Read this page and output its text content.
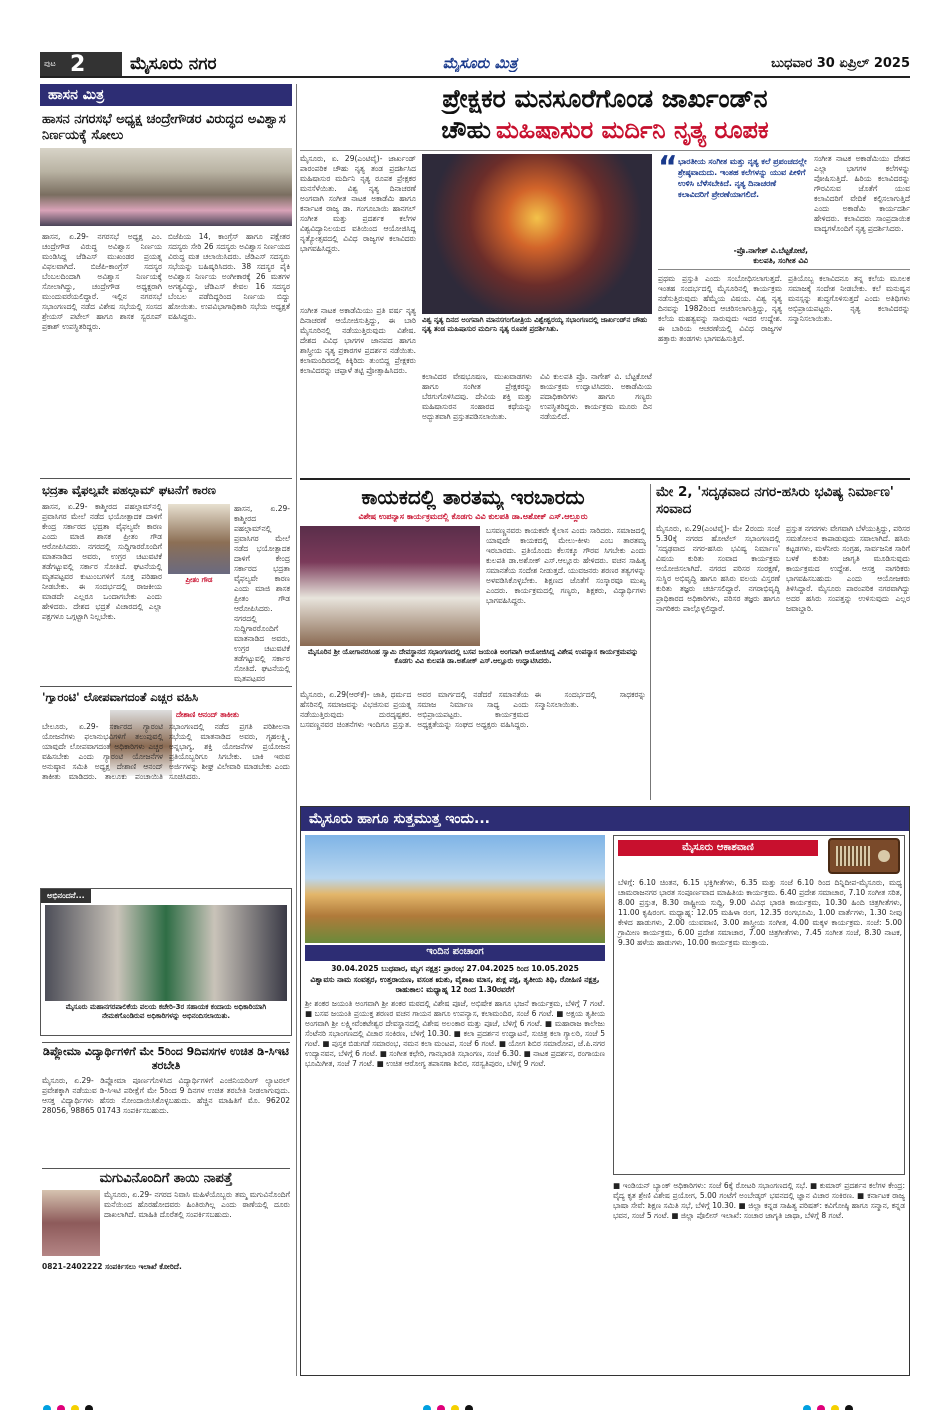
ಪುಟ 2	ಮೈಸೂರು ನಗರ	ಮೈಸೂರು ಮಿತ್ರ	ಬುಧವಾರ 30 ಏಪ್ರಿಲ್ 2025
ಹಾಸನ ಮಿತ್ರ
ಹಾಸನ ನಗರಸಭೆ ಅಧ್ಯಕ್ಷ ಚಂದ್ರೇಗೌಡರ ವಿರುದ್ಧದ ಅವಿಶ್ವಾಸ ನಿರ್ಣಯಕ್ಕೆ ಸೋಲು
ಹಾಸನ, ಏ.29- ನಗರಸಭೆ ಅಧ್ಯಕ್ಷ ಎಂ. ಚಂದ್ರೇಗೌಡ ವಿರುದ್ಧ ಅವಿಶ್ವಾಸ ನಿರ್ಣಯ ಮಂಡಿಸಿದ್ದ ಜೆಡಿಎಸ್ ಮುಖಂಡರ ಪ್ರಯತ್ನ ವಿಫಲವಾಗಿದೆ. ಬಿಜೆಪಿ-ಕಾಂಗ್ರೆಸ್ ಸದಸ್ಯರ ಬೆಂಬಲದಿಂದಾಗಿ ಅವಿಶ್ವಾಸ ನಿರ್ಣಯಕ್ಕೆ ಸೋಲಾಗಿದ್ದು, ಚಂದ್ರೇಗೌಡ ಅಧ್ಯಕ್ಷರಾಗಿ ಮುಂದುವರೆಯಲಿದ್ದಾರೆ. ಇಲ್ಲಿನ ನಗರಸಭೆ ಸಭಾಂಗಣದಲ್ಲಿ ನಡೆದ ವಿಶೇಷ ಸಭೆಯಲ್ಲಿ ಸಂಸದ ಶ್ರೇಯಸ್ ಪಟೇಲ್ ಹಾಗೂ ಶಾಸಕ ಸ್ವರೂಪ್ ಪ್ರಕಾಶ್ ಉಪಸ್ಥಿತರಿದ್ದರು.
ಬಿಜೆಪಿಯ 14, ಕಾಂಗ್ರೆಸ್ ಹಾಗೂ ಪಕ್ಷೇತರ ಸದಸ್ಯರು ಸೇರಿ 26 ಸದಸ್ಯರು ಅವಿಶ್ವಾಸ ನಿರ್ಣಯದ ವಿರುದ್ಧ ಮತ ಚಲಾಯಿಸಿದರು. ಜೆಡಿಎಸ್ ಸದಸ್ಯರು ಸಭೆಯನ್ನು ಬಹಿಷ್ಕರಿಸಿದರು. 38 ಸದಸ್ಯರ ಪೈಕಿ ಅವಿಶ್ವಾಸ ನಿರ್ಣಯ ಅಂಗೀಕಾರಕ್ಕೆ 26 ಮತಗಳ ಅಗತ್ಯವಿದ್ದು, ಜೆಡಿಎಸ್ ಕೇವಲ 16 ಸದಸ್ಯರ ಬೆಂಬಲ ಪಡೆದಿದ್ದರಿಂದ ನಿರ್ಣಯ ಬಿದ್ದು ಹೋಯಿತು. ಉಪವಿಭಾಗಾಧಿಕಾರಿ ಸಭೆಯ ಅಧ್ಯಕ್ಷತೆ ವಹಿಸಿದ್ದರು.
ಭದ್ರತಾ ವೈಫಲ್ಯವೇ ಪಹಲ್ಗಾಮ್ ಘಟನೆಗೆ ಕಾರಣ
ಹಾಸನ, ಏ.29- ಕಾಶ್ಮೀರದ ಪಹಲ್ಗಾಮ್‌ನಲ್ಲಿ ಪ್ರವಾಸಿಗರ ಮೇಲೆ ನಡೆದ ಭಯೋತ್ಪಾದಕ ದಾಳಿಗೆ ಕೇಂದ್ರ ಸರ್ಕಾರದ ಭದ್ರತಾ ವೈಫಲ್ಯವೇ ಕಾರಣ ಎಂದು ಮಾಜಿ ಶಾಸಕ ಪ್ರೀತಂ ಗೌಡ ಆರೋಪಿಸಿದರು. ನಗರದಲ್ಲಿ ಸುದ್ದಿಗಾರರೊಂದಿಗೆ ಮಾತನಾಡಿದ ಅವರು, ಉಗ್ರರ ಚಟುವಟಿಕೆ ತಡೆಗಟ್ಟುವಲ್ಲಿ ಸರ್ಕಾರ ಸೋತಿದೆ. ಘಟನೆಯಲ್ಲಿ ಮೃತಪಟ್ಟವರ ಕುಟುಂಬಗಳಿಗೆ ಸೂಕ್ತ ಪರಿಹಾರ ನೀಡಬೇಕು. ಈ ಸಂದರ್ಭದಲ್ಲಿ ರಾಜಕೀಯ ಮಾಡದೇ ಎಲ್ಲರೂ ಒಂದಾಗಬೇಕು ಎಂದು ಹೇಳಿದರು. ದೇಶದ ಭದ್ರತೆ ವಿಚಾರದಲ್ಲಿ ಎಲ್ಲಾ ಪಕ್ಷಗಳೂ ಒಗ್ಗಟ್ಟಾಗಿ ನಿಲ್ಲಬೇಕು.
ಪ್ರೀತಂ ಗೌಡ
ಹಾಸನ, ಏ.29- ಕಾಶ್ಮೀರದ ಪಹಲ್ಗಾಮ್‌ನಲ್ಲಿ ಪ್ರವಾಸಿಗರ ಮೇಲೆ ನಡೆದ ಭಯೋತ್ಪಾದಕ ದಾಳಿಗೆ ಕೇಂದ್ರ ಸರ್ಕಾರದ ಭದ್ರತಾ ವೈಫಲ್ಯವೇ ಕಾರಣ ಎಂದು ಮಾಜಿ ಶಾಸಕ ಪ್ರೀತಂ ಗೌಡ ಆರೋಪಿಸಿದರು. ನಗರದಲ್ಲಿ ಸುದ್ದಿಗಾರರೊಂದಿಗೆ ಮಾತನಾಡಿದ ಅವರು, ಉಗ್ರರ ಚಟುವಟಿಕೆ ತಡೆಗಟ್ಟುವಲ್ಲಿ ಸರ್ಕಾರ ಸೋತಿದೆ. ಘಟನೆಯಲ್ಲಿ ಮೃತಪಟ್ಟವರ
'ಗ್ಯಾರಂಟಿ' ಲೋಪವಾಗದಂತೆ ಎಚ್ಚರ ವಹಿಸಿ
ದೇಶಾಣಿ ಆನಂದ್ ತಾಕೀತು
ಬೇಲೂರು, ಏ.29- ಸರ್ಕಾರದ ಗ್ಯಾರಂಟಿ ಯೋಜನೆಗಳು ಫಲಾನುಭವಿಗಳಿಗೆ ತಲುಪುವಲ್ಲಿ ಯಾವುದೇ ಲೋಪವಾಗದಂತೆ ಅಧಿಕಾರಿಗಳು ಎಚ್ಚರ ವಹಿಸಬೇಕು ಎಂದು ಗ್ಯಾರಂಟಿ ಯೋಜನೆಗಳ ಅನುಷ್ಠಾನ ಸಮಿತಿ ಅಧ್ಯಕ್ಷ ದೇಶಾಣಿ ಆನಂದ್ ತಾಕೀತು ಮಾಡಿದರು. ತಾಲೂಕು ಪಂಚಾಯಿತಿ ಸಭಾಂಗಣದಲ್ಲಿ ನಡೆದ ಪ್ರಗತಿ ಪರಿಶೀಲನಾ ಸಭೆಯಲ್ಲಿ ಮಾತನಾಡಿದ ಅವರು, ಗೃಹಲಕ್ಷ್ಮಿ, ಅನ್ನಭಾಗ್ಯ, ಶಕ್ತಿ ಯೋಜನೆಗಳ ಪ್ರಯೋಜನ ಪ್ರತಿಯೊಬ್ಬರಿಗೂ ಸಿಗಬೇಕು. ಬಾಕಿ ಇರುವ ಅರ್ಜಿಗಳನ್ನು ಶೀಘ್ರ ವಿಲೇವಾರಿ ಮಾಡಬೇಕು ಎಂದು ಸೂಚಿಸಿದರು.
ಅಭಿನಂದನೆ...
ಮೈಸೂರು ಮಹಾನಗರಪಾಲಿಕೆಯ ವಲಯ ಕಚೇರಿ-3ರ ಸಹಾಯಕ ಕಂದಾಯ ಅಧಿಕಾರಿಯಾಗಿ ನೇಮಕಗೊಂಡಿರುವ ಅಧಿಕಾರಿಗಳನ್ನು ಅಭಿನಂದಿಸಲಾಯಿತು.
ಡಿಪ್ಲೋಮಾ ವಿದ್ಯಾರ್ಥಿಗಳಿಗೆ ಮೇ 5ರಿಂದ 9ದಿವಸಗಳ ಉಚಿತ ಡಿ-ಸಿಇಟಿ ತರಬೇತಿ
ಮೈಸೂರು, ಏ.29- ಡಿಪ್ಲೋಮಾ ಪೂರ್ಣಗೊಳಿಸಿದ ವಿದ್ಯಾರ್ಥಿಗಳಿಗೆ ಎಂಜಿನಿಯರಿಂಗ್ ಲ್ಯಾಟರಲ್ ಪ್ರವೇಶಕ್ಕಾಗಿ ನಡೆಯುವ ಡಿ-ಸಿಇಟಿ ಪರೀಕ್ಷೆಗೆ ಮೇ 5ರಿಂದ 9 ದಿನಗಳ ಉಚಿತ ತರಬೇತಿ ನೀಡಲಾಗುವುದು. ಆಸಕ್ತ ವಿದ್ಯಾರ್ಥಿಗಳು ಹೆಸರು ನೋಂದಾಯಿಸಿಕೊಳ್ಳಬಹುದು. ಹೆಚ್ಚಿನ ಮಾಹಿತಿಗೆ ಮೊ. 96202 28056, 98865 01743 ಸಂಪರ್ಕಿಸಬಹುದು.
ಮಗುವಿನೊಂದಿಗೆ ತಾಯಿ ನಾಪತ್ತೆ
ಮೈಸೂರು, ಏ.29- ನಗರದ ನಿವಾಸಿ ಮಹಿಳೆಯೊಬ್ಬರು ತಮ್ಮ ಮಗುವಿನೊಂದಿಗೆ ಮನೆಯಿಂದ ಹೊರಹೋದವರು ಹಿಂತಿರುಗಿಲ್ಲ ಎಂದು ಠಾಣೆಯಲ್ಲಿ ದೂರು ದಾಖಲಾಗಿದೆ. ಮಾಹಿತಿ ದೊರೆತಲ್ಲಿ ಸಂಪರ್ಕಿಸಬಹುದು.
0821-2402222 ಸಂಪರ್ಕಿಸಲು ಇಲಾಖೆ ಕೋರಿದೆ.
ಪ್ರೇಕ್ಷಕರ ಮನಸೂರೆಗೊಂಡ ಜಾರ್ಖಂಡ್‌ನ
ಚೌಹು ಮಹಿಷಾಸುರ ಮರ್ದಿನಿ ನೃತ್ಯ ರೂಪಕ
ಮೈಸೂರು, ಏ. 29(ಎಂಟಿವೈ)- ಜಾರ್ಖಂಡ್ ಪಾರಂಪರಿಕ ಚೌಹು ನೃತ್ಯ ತಂಡ ಪ್ರದರ್ಶಿಸಿದ ಮಹಿಷಾಸುರ ಮರ್ದಿನಿ ನೃತ್ಯ ರೂಪಕ ಪ್ರೇಕ್ಷಕರ ಮನಸೆಳೆಯಿತು. ವಿಶ್ವ ನೃತ್ಯ ದಿನಾಚರಣೆ ಅಂಗವಾಗಿ ಸಂಗೀತ ನಾಟಕ ಅಕಾಡೆಮಿ ಹಾಗೂ ಕರ್ನಾಟಕ ರಾಜ್ಯ ಡಾ. ಗಂಗೂಬಾಯಿ ಹಾನಗಲ್ ಸಂಗೀತ ಮತ್ತು ಪ್ರದರ್ಶಕ ಕಲೆಗಳ ವಿಶ್ವವಿದ್ಯಾನಿಲಯದ ವತಿಯಿಂದ ಆಯೋಜಿಸಿದ್ದ ನೃತ್ಯೋತ್ಸವದಲ್ಲಿ ವಿವಿಧ ರಾಜ್ಯಗಳ ಕಲಾವಿದರು ಭಾಗವಹಿಸಿದ್ದರು.
ಸಂಗೀತ ನಾಟಕ ಅಕಾಡೆಮಿಯು ಪ್ರತಿ ವರ್ಷ ನೃತ್ಯ ದಿನಾಚರಣೆ ಆಯೋಜಿಸುತ್ತಿದ್ದು, ಈ ಬಾರಿ ಮೈಸೂರಿನಲ್ಲಿ ನಡೆಯುತ್ತಿರುವುದು ವಿಶೇಷ. ದೇಶದ ವಿವಿಧ ಭಾಗಗಳ ಜಾನಪದ ಹಾಗೂ ಶಾಸ್ತ್ರೀಯ ನೃತ್ಯ ಪ್ರಕಾರಗಳ ಪ್ರದರ್ಶನ ನಡೆಯಿತು. ಕಲಾಮಂದಿರದಲ್ಲಿ ಕಿಕ್ಕಿರಿದು ತುಂಬಿದ್ದ ಪ್ರೇಕ್ಷಕರು ಕಲಾವಿದರನ್ನು ಚಪ್ಪಾಳೆ ತಟ್ಟಿ ಪ್ರೋತ್ಸಾಹಿಸಿದರು.
ವಿಶ್ವ ನೃತ್ಯ ದಿನದ ಅಂಗವಾಗಿ ಮಾನಸಗಂಗೋತ್ರಿಯ ವಿಶ್ವೇಶ್ವರಯ್ಯ ಸಭಾಂಗಣದಲ್ಲಿ ಜಾರ್ಖಂಡ್‌ನ ಚೌಹು ನೃತ್ಯ ತಂಡ ಮಹಿಷಾಸುರ ಮರ್ದಿನಿ ನೃತ್ಯ ರೂಪಕ ಪ್ರದರ್ಶಿಸಿತು.
ಕಲಾವಿದರ ವೇಷಭೂಷಣ, ಮುಖವಾಡಗಳು ಹಾಗೂ ಸಂಗೀತ ಪ್ರೇಕ್ಷಕರನ್ನು ಬೆರಗುಗೊಳಿಸಿದವು. ದೇವಿಯ ಶಕ್ತಿ ಮತ್ತು ಮಹಿಷಾಸುರನ ಸಂಹಾರದ ಕಥೆಯನ್ನು ಅದ್ಭುತವಾಗಿ ಪ್ರಸ್ತುತಪಡಿಸಲಾಯಿತು.
ವಿವಿ ಕುಲಪತಿ ಪ್ರೊ. ನಾಗೇಶ್ ವಿ. ಬೆಟ್ಟಕೋಟೆ ಕಾರ್ಯಕ್ರಮ ಉದ್ಘಾಟಿಸಿದರು. ಅಕಾಡೆಮಿಯ ಪದಾಧಿಕಾರಿಗಳು ಹಾಗೂ ಗಣ್ಯರು ಉಪಸ್ಥಿತರಿದ್ದರು. ಕಾರ್ಯಕ್ರಮ ಮೂರು ದಿನ ನಡೆಯಲಿದೆ.
“ ಭಾರತೀಯ ಸಂಗೀತ ಮತ್ತು ನೃತ್ಯ ಕಲೆ ಪ್ರಪಂಚದಲ್ಲೇ ಶ್ರೇಷ್ಠವಾದುದು. ಇಂತಹ ಕಲೆಗಳನ್ನು ಯುವ ಪೀಳಿಗೆ ಉಳಿಸಿ ಬೆಳೆಸಬೇಕಿದೆ. ನೃತ್ಯ ದಿನಾಚರಣೆ ಕಲಾವಿದರಿಗೆ ಪ್ರೇರಣೆಯಾಗಲಿದೆ.
-ಪ್ರೊ.ನಾಗೇಶ್ ವಿ.ಬೆಟ್ಟಕೋಟೆ,
ಕುಲಪತಿ, ಸಂಗೀತ ವಿವಿ
ಸಂಗೀತ ನಾಟಕ ಅಕಾಡೆಮಿಯು ದೇಶದ ಎಲ್ಲಾ ಭಾಗಗಳ ಕಲೆಗಳನ್ನು ಪೋಷಿಸುತ್ತಿದೆ. ಹಿರಿಯ ಕಲಾವಿದರನ್ನು ಗೌರವಿಸುವ ಜೊತೆಗೆ ಯುವ ಕಲಾವಿದರಿಗೆ ವೇದಿಕೆ ಕಲ್ಪಿಸಲಾಗುತ್ತಿದೆ ಎಂದು ಅಕಾಡೆಮಿ ಕಾರ್ಯದರ್ಶಿ ಹೇಳಿದರು. ಕಲಾವಿದರು ಸಾಂಪ್ರದಾಯಿಕ ವಾದ್ಯಗಳೊಂದಿಗೆ ನೃತ್ಯ ಪ್ರದರ್ಶಿಸಿದರು.
ಪ್ರಥಮ ಪ್ರಸ್ತುತಿ ಎಂದು ಸಂಬೋಧಿಸಲಾಗುತ್ತದೆ. ಇಂತಹ ಸಂದರ್ಭದಲ್ಲಿ ಮೈಸೂರಿನಲ್ಲಿ ಕಾರ್ಯಕ್ರಮ ನಡೆಸುತ್ತಿರುವುದು ಹೆಮ್ಮೆಯ ವಿಷಯ. ವಿಶ್ವ ನೃತ್ಯ ದಿನವನ್ನು 1982ರಿಂದ ಆಚರಿಸಲಾಗುತ್ತಿದ್ದು, ನೃತ್ಯ ಕಲೆಯ ಮಹತ್ವವನ್ನು ಸಾರುವುದು ಇದರ ಉದ್ದೇಶ. ಈ ಬಾರಿಯ ಆಚರಣೆಯಲ್ಲಿ ವಿವಿಧ ರಾಜ್ಯಗಳ ಹತ್ತಾರು ತಂಡಗಳು ಭಾಗವಹಿಸುತ್ತಿವೆ.
ಪ್ರತಿಯೊಬ್ಬ ಕಲಾವಿದನೂ ತನ್ನ ಕಲೆಯ ಮೂಲಕ ಸಮಾಜಕ್ಕೆ ಸಂದೇಶ ನೀಡಬೇಕು. ಕಲೆ ಮನುಷ್ಯನ ಮನಸ್ಸನ್ನು ಶುದ್ಧಗೊಳಿಸುತ್ತದೆ ಎಂದು ಅತಿಥಿಗಳು ಅಭಿಪ್ರಾಯಪಟ್ಟರು. ನೃತ್ಯ ಕಲಾವಿದರನ್ನು ಸನ್ಮಾನಿಸಲಾಯಿತು.
ಕಾಯಕದಲ್ಲಿ ತಾರತಮ್ಯ ಇರಬಾರದು
ವಿಶೇಷ ಉಪನ್ಯಾಸ ಕಾರ್ಯಕ್ರಮದಲ್ಲಿ ಕೊಡಗು ವಿವಿ ಕುಲಪತಿ ಡಾ.ಅಶೋಕ್ ಎಸ್.ಆಲ್ಲೂರು
ಮೈಸೂರಿನ ಶ್ರೀ ಯೋಗಾನರಸಿಂಹ ಸ್ವಾಮಿ ದೇವಸ್ಥಾನದ ಸಭಾಂಗಣದಲ್ಲಿ ಬಸವ ಜಯಂತಿ ಅಂಗವಾಗಿ ಆಯೋಜಿಸಿದ್ದ ವಿಶೇಷ ಉಪನ್ಯಾಸ ಕಾರ್ಯಕ್ರಮವನ್ನು ಕೊಡಗು ವಿವಿ ಕುಲಪತಿ ಡಾ.ಅಶೋಕ್ ಎಸ್.ಆಲ್ಲೂರು ಉದ್ಘಾಟಿಸಿದರು.
ಬಸವಣ್ಣನವರು ಕಾಯಕವೇ ಕೈಲಾಸ ಎಂದು ಸಾರಿದರು. ಸಮಾಜದಲ್ಲಿ ಯಾವುದೇ ಕಾಯಕದಲ್ಲಿ ಮೇಲು-ಕೀಳು ಎಂಬ ತಾರತಮ್ಯ ಇರಬಾರದು. ಪ್ರತಿಯೊಂದು ಕೆಲಸಕ್ಕೂ ಗೌರವ ಸಿಗಬೇಕು ಎಂದು ಕುಲಪತಿ ಡಾ.ಅಶೋಕ್ ಎಸ್.ಆಲ್ಲೂರು ಹೇಳಿದರು. ವಚನ ಸಾಹಿತ್ಯ ಸಮಾನತೆಯ ಸಂದೇಶ ನೀಡುತ್ತದೆ. ಯುವಜನರು ಶರಣರ ತತ್ವಗಳನ್ನು ಅಳವಡಿಸಿಕೊಳ್ಳಬೇಕು. ಶಿಕ್ಷಣದ ಜೊತೆಗೆ ಸಂಸ್ಕಾರವೂ ಮುಖ್ಯ ಎಂದರು. ಕಾರ್ಯಕ್ರಮದಲ್ಲಿ ಗಣ್ಯರು, ಶಿಕ್ಷಕರು, ವಿದ್ಯಾರ್ಥಿಗಳು ಭಾಗವಹಿಸಿದ್ದರು.
ಮೈಸೂರು, ಏ.29(ಆರ್‌ಕೆ)- ಜಾತಿ, ಧರ್ಮದ ಹೆಸರಿನಲ್ಲಿ ಸಮಾಜವನ್ನು ವಿಭಜಿಸುವ ಪ್ರಯತ್ನ ನಡೆಯುತ್ತಿರುವುದು ದುರದೃಷ್ಟಕರ. ಬಸವಣ್ಣನವರ ಚಿಂತನೆಗಳು ಇಂದಿಗೂ ಪ್ರಸ್ತುತ. ಅವರ ಮಾರ್ಗದಲ್ಲಿ ನಡೆದರೆ ಸಮಾನತೆಯ ಸಮಾಜ ನಿರ್ಮಾಣ ಸಾಧ್ಯ ಎಂದು ಅಭಿಪ್ರಾಯಪಟ್ಟರು. ಕಾರ್ಯಕ್ರಮದ ಅಧ್ಯಕ್ಷತೆಯನ್ನು ಸಂಘದ ಅಧ್ಯಕ್ಷರು ವಹಿಸಿದ್ದರು. ಈ ಸಂದರ್ಭದಲ್ಲಿ ಸಾಧಕರನ್ನು ಸನ್ಮಾನಿಸಲಾಯಿತು.
ಮೇ 2, 'ಸದೃಢವಾದ ನಗರ-ಹಸಿರು ಭವಿಷ್ಯ ನಿರ್ಮಾಣ' ಸಂವಾದ
ಮೈಸೂರು, ಏ.29(ಎಂಟಿವೈ)- ಮೇ 2ರಂದು ಸಂಜೆ 5.30ಕ್ಕೆ ನಗರದ ಹೋಟೆಲ್ ಸಭಾಂಗಣದಲ್ಲಿ 'ಸದೃಢವಾದ ನಗರ-ಹಸಿರು ಭವಿಷ್ಯ ನಿರ್ಮಾಣ' ವಿಷಯ ಕುರಿತು ಸಂವಾದ ಕಾರ್ಯಕ್ರಮ ಆಯೋಜಿಸಲಾಗಿದೆ. ನಗರದ ಪರಿಸರ ಸಂರಕ್ಷಣೆ, ಸುಸ್ಥಿರ ಅಭಿವೃದ್ಧಿ ಹಾಗೂ ಹಸಿರು ವಲಯ ವಿಸ್ತರಣೆ ಕುರಿತು ತಜ್ಞರು ಚರ್ಚಿಸಲಿದ್ದಾರೆ. ನಗರಾಭಿವೃದ್ಧಿ ಪ್ರಾಧಿಕಾರದ ಅಧಿಕಾರಿಗಳು, ಪರಿಸರ ತಜ್ಞರು ಹಾಗೂ ನಾಗರಿಕರು ಪಾಲ್ಗೊಳ್ಳಲಿದ್ದಾರೆ.
ಪ್ರಸ್ತುತ ನಗರಗಳು ವೇಗವಾಗಿ ಬೆಳೆಯುತ್ತಿದ್ದು, ಪರಿಸರ ಸಮತೋಲನ ಕಾಪಾಡುವುದು ಸವಾಲಾಗಿದೆ. ಹಸಿರು ಕಟ್ಟಡಗಳು, ಮಳೆನೀರು ಸಂಗ್ರಹ, ಸಾರ್ವಜನಿಕ ಸಾರಿಗೆ ಬಳಕೆ ಕುರಿತು ಜಾಗೃತಿ ಮೂಡಿಸುವುದು ಕಾರ್ಯಕ್ರಮದ ಉದ್ದೇಶ. ಆಸಕ್ತ ನಾಗರಿಕರು ಭಾಗವಹಿಸಬಹುದು ಎಂದು ಆಯೋಜಕರು ತಿಳಿಸಿದ್ದಾರೆ. ಮೈಸೂರು ಪಾರಂಪರಿಕ ನಗರವಾಗಿದ್ದು ಅದರ ಹಸಿರು ಸಂಪತ್ತನ್ನು ಉಳಿಸುವುದು ಎಲ್ಲರ ಜವಾಬ್ದಾರಿ.
ಮೈಸೂರು ಹಾಗೂ ಸುತ್ತಮುತ್ತ ಇಂದು...
ಇಂದಿನ ಪಂಚಾಂಗ
30.04.2025 ಬುಧವಾರ, ಮೃಗ ನಕ್ಷತ್ರ: ಪ್ರಾರಂಭ 27.04.2025 ರಿಂದ 10.05.2025
ವಿಶ್ವಾವಸು ನಾಮ ಸಂವತ್ಸರ, ಉತ್ತರಾಯಣ, ವಸಂತ ಋತು, ವೈಶಾಖ ಮಾಸ, ಶುಕ್ಲ ಪಕ್ಷ, ತೃತೀಯ ತಿಥಿ, ರೋಹಿಣಿ ನಕ್ಷತ್ರ, ರಾಹುಕಾಲ: ಮಧ್ಯಾಹ್ನ 12 ರಿಂದ 1.30ರವರೆಗೆ
ಶ್ರೀ ಶಂಕರ ಜಯಂತಿ ಅಂಗವಾಗಿ ಶ್ರೀ ಶಂಕರ ಮಠದಲ್ಲಿ ವಿಶೇಷ ಪೂಜೆ, ಅಭಿಷೇಕ ಹಾಗೂ ಭಜನೆ ಕಾರ್ಯಕ್ರಮ, ಬೆಳಿಗ್ಗೆ 7 ಗಂಟೆ. ■ ಬಸವ ಜಯಂತಿ ಪ್ರಯುಕ್ತ ಶರಣರ ವಚನ ಗಾಯನ ಹಾಗೂ ಉಪನ್ಯಾಸ, ಕಲಾಮಂದಿರ, ಸಂಜೆ 6 ಗಂಟೆ. ■ ಅಕ್ಷಯ ತೃತೀಯ ಅಂಗವಾಗಿ ಶ್ರೀ ಲಕ್ಷ್ಮೀವೆಂಕಟೇಶ್ವರ ದೇವಸ್ಥಾನದಲ್ಲಿ ವಿಶೇಷ ಅಲಂಕಾರ ಮತ್ತು ಪೂಜೆ, ಬೆಳಿಗ್ಗೆ 6 ಗಂಟೆ. ■ ಮಹಾರಾಜ ಕಾಲೇಜು ಸೆಂಟೆನರಿ ಸಭಾಂಗಣದಲ್ಲಿ ವಿಚಾರ ಸಂಕಿರಣ, ಬೆಳಿಗ್ಗೆ 10.30. ■ ಕಲಾ ಪ್ರದರ್ಶನ ಉದ್ಘಾಟನೆ, ಸುಚಿತ್ರ ಕಲಾ ಗ್ಯಾಲರಿ, ಸಂಜೆ 5 ಗಂಟೆ. ■ ಪುಸ್ತಕ ಬಿಡುಗಡೆ ಸಮಾರಂಭ, ನಮನ ಕಲಾ ಮಂಟಪ, ಸಂಜೆ 6 ಗಂಟೆ. ■ ಯೋಗ ಶಿಬಿರ ಸಮಾರೋಪ, ಜೆ.ಪಿ.ನಗರ ಉದ್ಯಾನವನ, ಬೆಳಿಗ್ಗೆ 6 ಗಂಟೆ. ■ ಸಂಗೀತ ಕಛೇರಿ, ಗಾನಭಾರತಿ ಸಭಾಂಗಣ, ಸಂಜೆ 6.30. ■ ನಾಟಕ ಪ್ರದರ್ಶನ, ರಂಗಾಯಣ ಭೂಮಿಗೀತ, ಸಂಜೆ 7 ಗಂಟೆ. ■ ಉಚಿತ ಆರೋಗ್ಯ ತಪಾಸಣಾ ಶಿಬಿರ, ಸರಸ್ವತಿಪುರಂ, ಬೆಳಿಗ್ಗೆ 9 ಗಂಟೆ.
ಮೈಸೂರು ಆಕಾಶವಾಣಿ
ಬೆಳಿಗ್ಗೆ: 6.10 ಚಿಂತನ, 6.15 ಭಕ್ತಿಗೀತೆಗಳು, 6.35 ಮತ್ತು ಸಂಜೆ 6.10 ರಿಂದ ದಿನ್ನಿದೀಪ-ಮೈಸೂರು, ಮಧ್ಯ ಚಾಮರಾಜನಗರ ಭಾರತ ಸಂಪೂರ್ಣವಾದ ಮಾಹಿತಿಯ ಕಾರ್ಯಕ್ರಮ. 6.40 ಪ್ರದೇಶ ಸಮಾಚಾರ, 7.10 ಸಂಗೀತ ಸರಿತ, 8.00 ಪ್ರಸ್ತುತ, 8.30 ರಾಷ್ಟ್ರೀಯ ಸುದ್ದಿ, 9.00 ವಿವಿಧ ಭಾರತಿ ಕಾರ್ಯಕ್ರಮ, 10.30 ಹಿಂದಿ ಚಿತ್ರಗೀತೆಗಳು, 11.00 ಕೃಷಿರಂಗ. ಮಧ್ಯಾಹ್ನ: 12.05 ಮಹಿಳಾ ರಂಗ, 12.35 ರಂಗಭೂಮಿ, 1.00 ವಾರ್ತೆಗಳು, 1.30 ನೀವು ಕೇಳಿದ ಹಾಡುಗಳು, 2.00 ಯುವವಾಣಿ, 3.00 ಶಾಸ್ತ್ರೀಯ ಸಂಗೀತ, 4.00 ಮಕ್ಕಳ ಕಾರ್ಯಕ್ರಮ. ಸಂಜೆ: 5.00 ಗ್ರಾಮೀಣ ಕಾರ್ಯಕ್ರಮ, 6.00 ಪ್ರದೇಶ ಸಮಾಚಾರ, 7.00 ಚಿತ್ರಗೀತೆಗಳು, 7.45 ಸಂಗೀತ ಸಂಜೆ, 8.30 ನಾಟಕ, 9.30 ಹಳೆಯ ಹಾಡುಗಳು, 10.00 ಕಾರ್ಯಕ್ರಮ ಮುಕ್ತಾಯ.
■ ಇಂಡಿಯನ್ ಬ್ಯಾಂಕ್ ಅಧಿಕಾರಿಗಳು: ಸಂಜೆ 6ಕ್ಕೆ ರೋಟರಿ ಸಭಾಂಗಣದಲ್ಲಿ ಸಭೆ. ■ ಕುಮಾರ್ ಪ್ರದರ್ಶನ ಕಲೆಗಳ ಕೇಂದ್ರ: ವೈದ್ಯ ಕೃತ ಶ್ರೇಣಿ ವಿಶೇಷ ಪ್ರಯೋಗ, 5.00 ಗಂಟೆಗೆ ಅಂಬೇಡ್ಕರ್ ಭವನದಲ್ಲಿ ಜ್ಞಾನ ವಿಚಾರ ಸಂಕಿರಣ. ■ ಕರ್ನಾಟಕ ರಾಜ್ಯ ಭಾಷಾ ಸೇವೆ: ಶಿಕ್ಷಣ ಸಮಿತಿ ಸಭೆ, ಬೆಳಿಗ್ಗೆ 10.30. ■ ಜಿಲ್ಲಾ ಕನ್ನಡ ಸಾಹಿತ್ಯ ಪರಿಷತ್: ಕವಿಗೋಷ್ಠಿ ಹಾಗೂ ಸನ್ಮಾನ, ಕನ್ನಡ ಭವನ, ಸಂಜೆ 5 ಗಂಟೆ. ■ ಜಿಲ್ಲಾ ಪೊಲೀಸ್ ಇಲಾಖೆ: ಸಂಚಾರ ಜಾಗೃತಿ ಜಾಥಾ, ಬೆಳಿಗ್ಗೆ 8 ಗಂಟೆ.
